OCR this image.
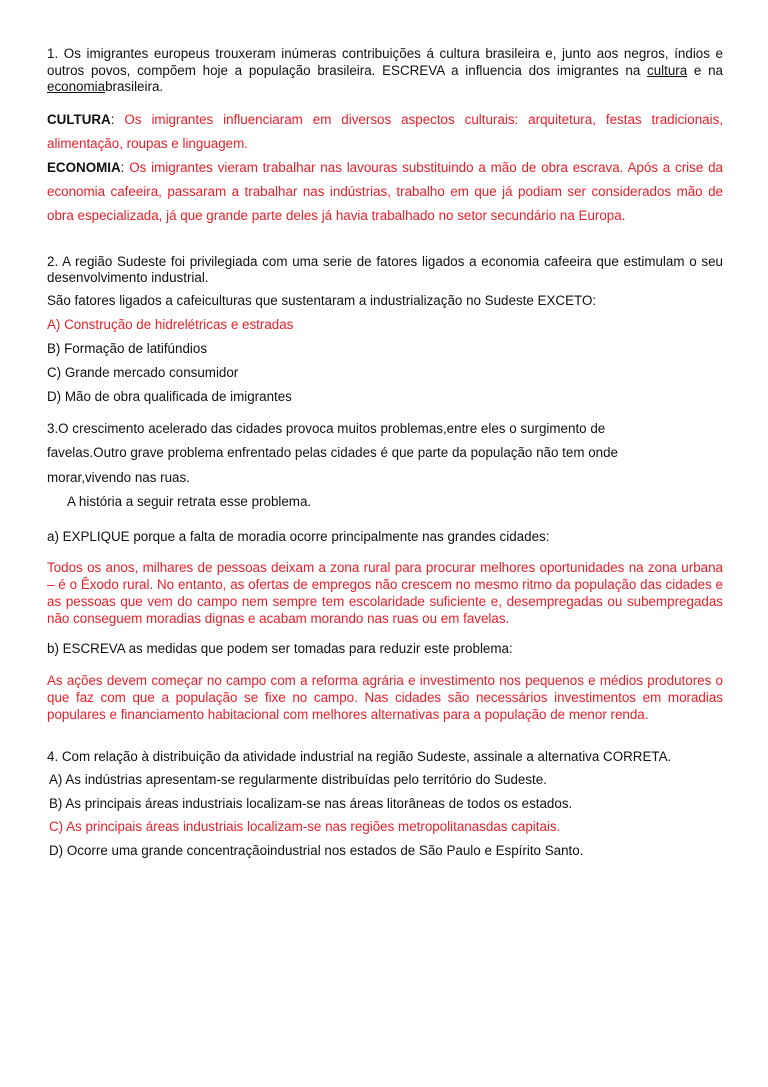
1. Os imigrantes europeus trouxeram inúmeras contribuições á cultura brasileira e, junto aos negros, índios e outros povos, compõem hoje a população brasileira. ESCREVA a influencia dos imigrantes na cultura e na economiabrasileira.

CULTURA: Os imigrantes influenciaram em diversos aspectos culturais: arquitetura, festas tradicionais, alimentação, roupas e linguagem.

ECONOMIA: Os imigrantes vieram trabalhar nas lavouras substituindo a mão de obra escrava. Após a crise da economia cafeeira, passaram a trabalhar nas indústrias, trabalho em que já podiam ser considerados mão de obra especializada, já que grande parte deles já havia trabalhado no setor secundário na Europa.

2. A região Sudeste foi privilegiada com uma serie de fatores ligados a economia cafeeira que estimulam o seu desenvolvimento industrial.

São fatores ligados a cafeiculturas que sustentaram a industrialização no Sudeste EXCETO:

A) Construção de hidrelétricas e estradas

B) Formação de latifúndios

C) Grande mercado consumidor

D) Mão de obra qualificada de imigrantes

3.O crescimento acelerado das cidades provoca muitos problemas,entre eles o surgimento de

favelas.Outro grave problema enfrentado pelas cidades é que parte da população não tem onde

morar,vivendo nas ruas.

A história a seguir retrata esse problema.

a) EXPLIQUE porque a falta de moradia ocorre principalmente nas grandes cidades:

Todos os anos, milhares de pessoas deixam a zona rural para procurar melhores oportunidades na zona urbana – é o Êxodo rural. No entanto, as ofertas de empregos não crescem no mesmo ritmo da população das cidades e as pessoas que vem do campo nem sempre tem escolaridade suficiente e, desempregadas ou subempregadas não conseguem moradias dignas e acabam morando nas ruas ou em favelas.

b) ESCREVA as medidas que podem ser tomadas para reduzir este problema:

As ações devem começar no campo com a reforma agrária e investimento nos pequenos e médios produtores o que faz com que a população se fixe no campo. Nas cidades são necessários investimentos em moradias populares e financiamento habitacional com melhores alternativas para a população de menor renda.

4. Com relação à distribuição da atividade industrial na região Sudeste, assinale a alternativa CORRETA.

A) As indústrias apresentam-se regularmente distribuídas pelo território do Sudeste.

B) As principais áreas industriais localizam-se nas áreas litorâneas de todos os estados.

C) As principais áreas industriais localizam-se nas regiões metropolitanasdas capitais.

D) Ocorre uma grande concentraçãoindustrial nos estados de São Paulo e Espírito Santo.
